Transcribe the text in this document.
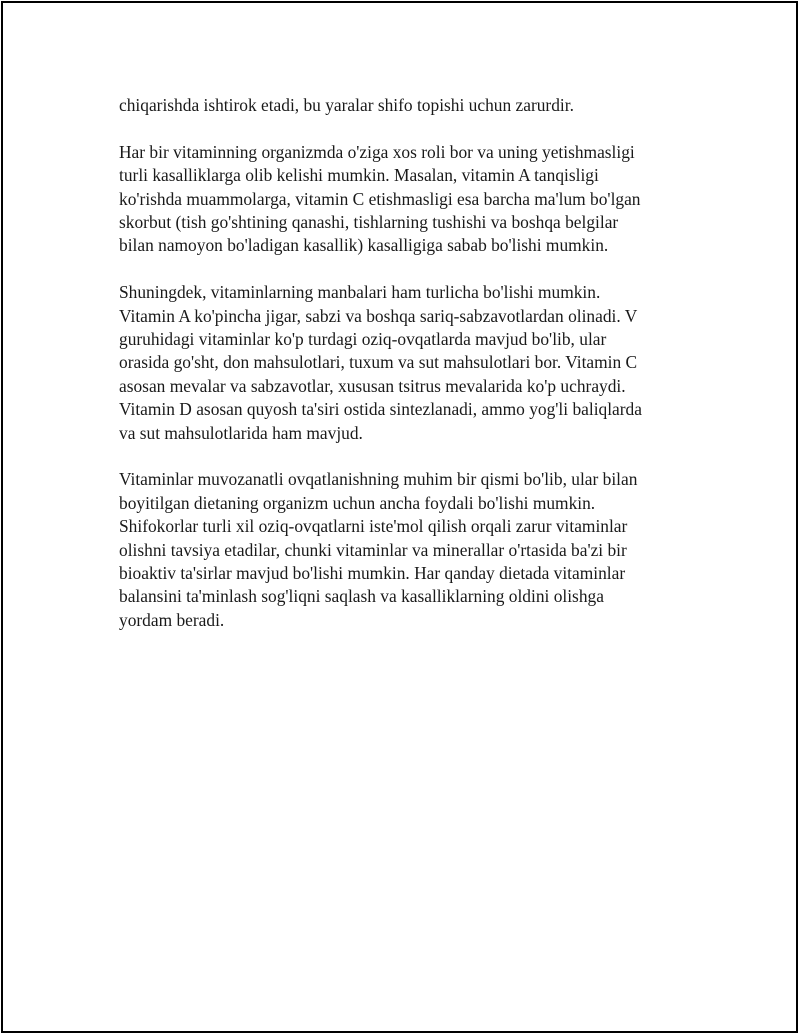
chiqarishda ishtirok etadi, bu yaralar shifo topishi uchun zarurdir.

Har bir vitaminning organizmda o'ziga xos roli bor va uning yetishmasligi
turli kasalliklarga olib kelishi mumkin. Masalan, vitamin A tanqisligi
ko'rishda muammolarga, vitamin C etishmasligi esa barcha ma'lum bo'lgan
skorbut (tish go'shtining qanashi, tishlarning tushishi va boshqa belgilar
bilan namoyon bo'ladigan kasallik) kasalligiga sabab bo'lishi mumkin.

Shuningdek, vitaminlarning manbalari ham turlicha bo'lishi mumkin.
Vitamin A ko'pincha jigar, sabzi va boshqa sariq-sabzavotlardan olinadi. V
guruhidagi vitaminlar ko'p turdagi oziq-ovqatlarda mavjud bo'lib, ular
orasida go'sht, don mahsulotlari, tuxum va sut mahsulotlari bor. Vitamin C
asosan mevalar va sabzavotlar, xususan tsitrus mevalarida ko'p uchraydi.
Vitamin D asosan quyosh ta'siri ostida sintezlanadi, ammo yog'li baliqlarda
va sut mahsulotlarida ham mavjud.

Vitaminlar muvozanatli ovqatlanishning muhim bir qismi bo'lib, ular bilan
boyitilgan dietaning organizm uchun ancha foydali bo'lishi mumkin.
Shifokorlar turli xil oziq-ovqatlarni iste'mol qilish orqali zarur vitaminlar
olishni tavsiya etadilar, chunki vitaminlar va minerallar o'rtasida ba'zi bir
bioaktiv ta'sirlar mavjud bo'lishi mumkin. Har qanday dietada vitaminlar
balansini ta'minlash sog'liqni saqlash va kasalliklarning oldini olishga
yordam beradi.
